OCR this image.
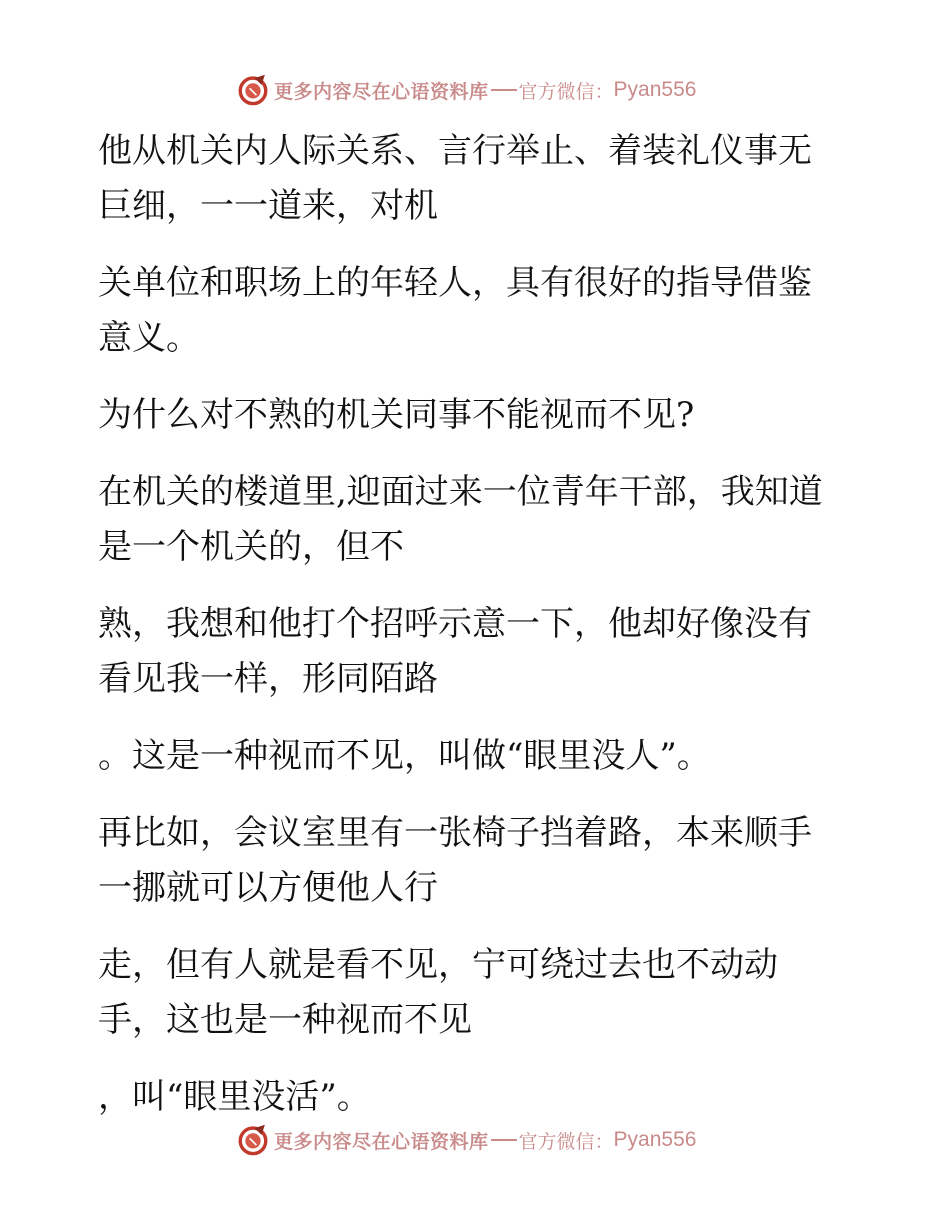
更多内容尽在心语资料库 官方微信： Pyan556

他从机关内人际关系、言行举止、着装礼仪事无
巨细，一一道来，对机

关单位和职场上的年轻人，具有很好的指导借鉴
意义。

为什么对不熟的机关同事不能视而不见?

在机关的楼道里,迎面过来一位青年干部，我知道
是一个机关的，但不

熟，我想和他打个招呼示意一下，他却好像没有
看见我一样，形同陌路

。这是一种视而不见，叫做“眼里没人”。

再比如，会议室里有一张椅子挡着路，本来顺手
一挪就可以方便他人行

走，但有人就是看不见，宁可绕过去也不动动
手，这也是一种视而不见

，叫“眼里没活”。

更多内容尽在心语资料库 官方微信： Pyan556
